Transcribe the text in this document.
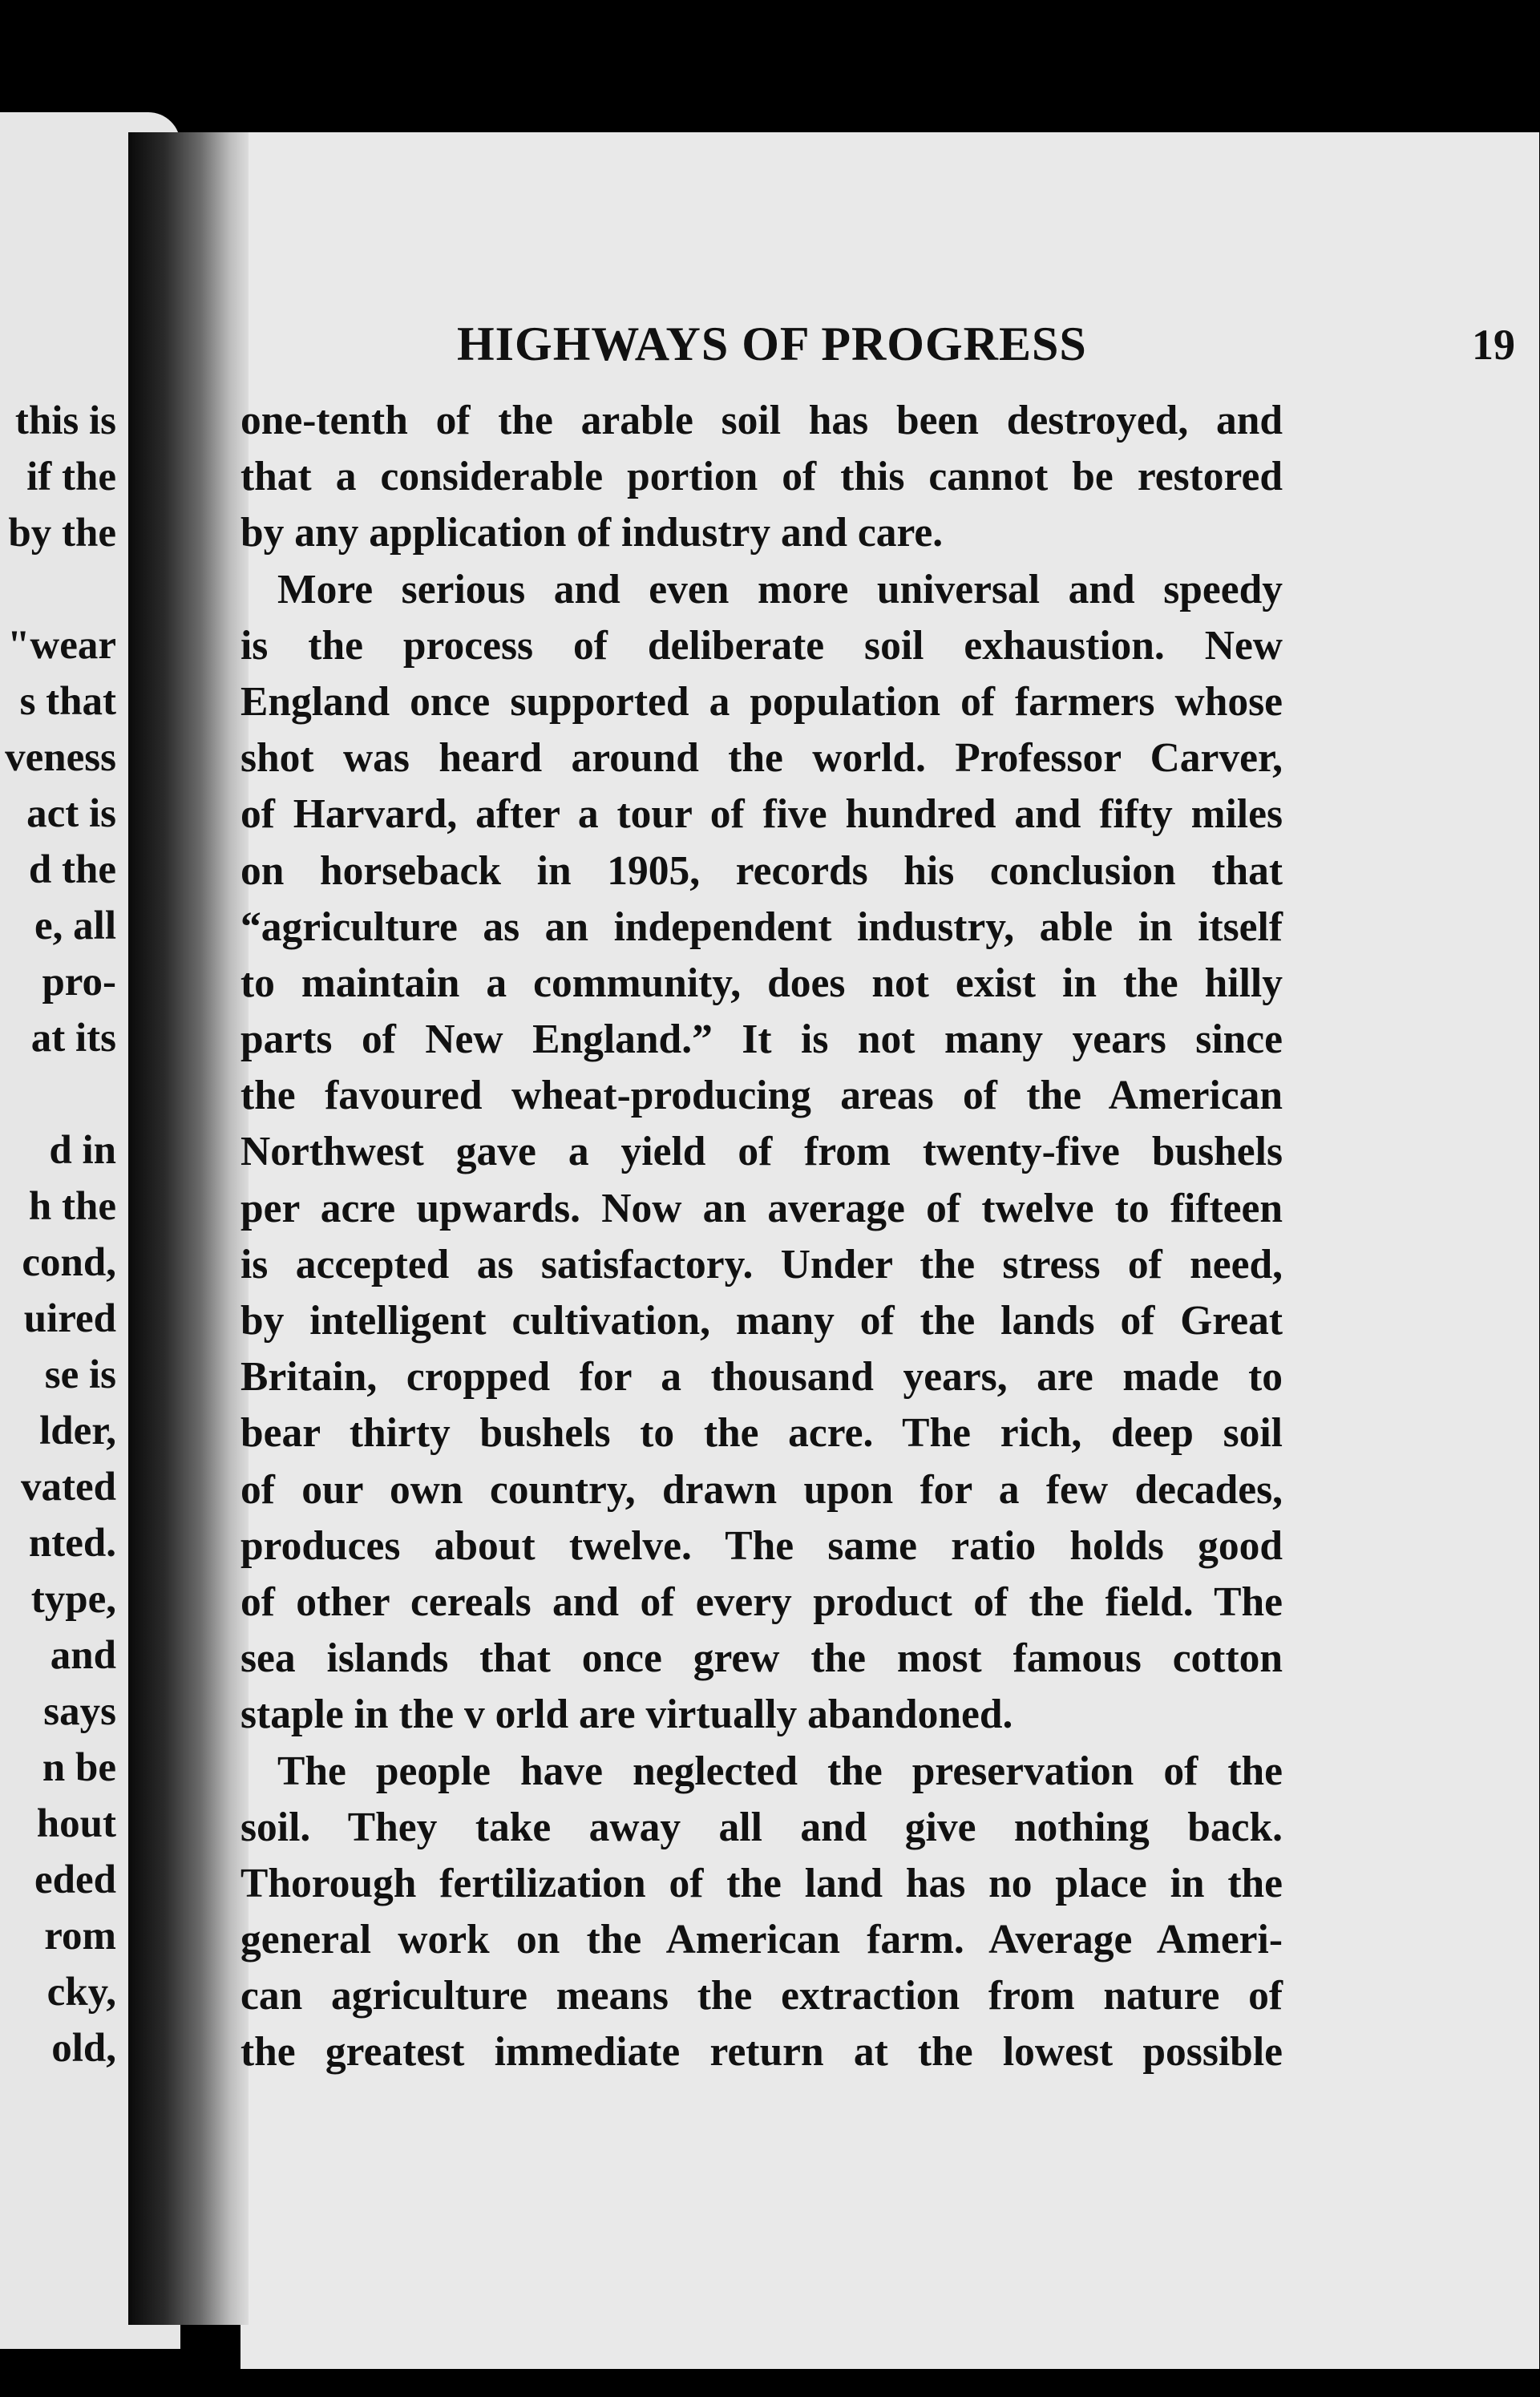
this is
if the
by the
"wear
s that
veness
act is
d the
e, all
pro-
at its
d in
h the
cond,
uired
se is
lder,
vated
nted.
type,
and
says
n be
hout
eded
rom
cky,
old,
HIGHWAYS OF PROGRESS	19
one-tenth of the arable soil has been destroyed, and
that a considerable portion of this cannot be restored
by any application of industry and care.
More serious and even more universal and speedy
is the process of deliberate soil exhaustion. New
England once supported a population of farmers whose
shot was heard around the world. Professor Carver,
of Harvard, after a tour of five hundred and fifty miles
on horseback in 1905, records his conclusion that
“agriculture as an independent industry, able in itself
to maintain a community, does not exist in the hilly
parts of New England.” It is not many years since
the favoured wheat-producing areas of the American
Northwest gave a yield of from twenty-five bushels
per acre upwards. Now an average of twelve to fifteen
is accepted as satisfactory. Under the stress of need,
by intelligent cultivation, many of the lands of Great
Britain, cropped for a thousand years, are made to
bear thirty bushels to the acre. The rich, deep soil
of our own country, drawn upon for a few decades,
produces about twelve. The same ratio holds good
of other cereals and of every product of the field. The
sea islands that once grew the most famous cotton
staple in the v orld are virtually abandoned.
The people have neglected the preservation of the
soil. They take away all and give nothing back.
Thorough fertilization of the land has no place in the
general work on the American farm. Average Ameri-
can agriculture means the extraction from nature of
the greatest immediate return at the lowest possible
